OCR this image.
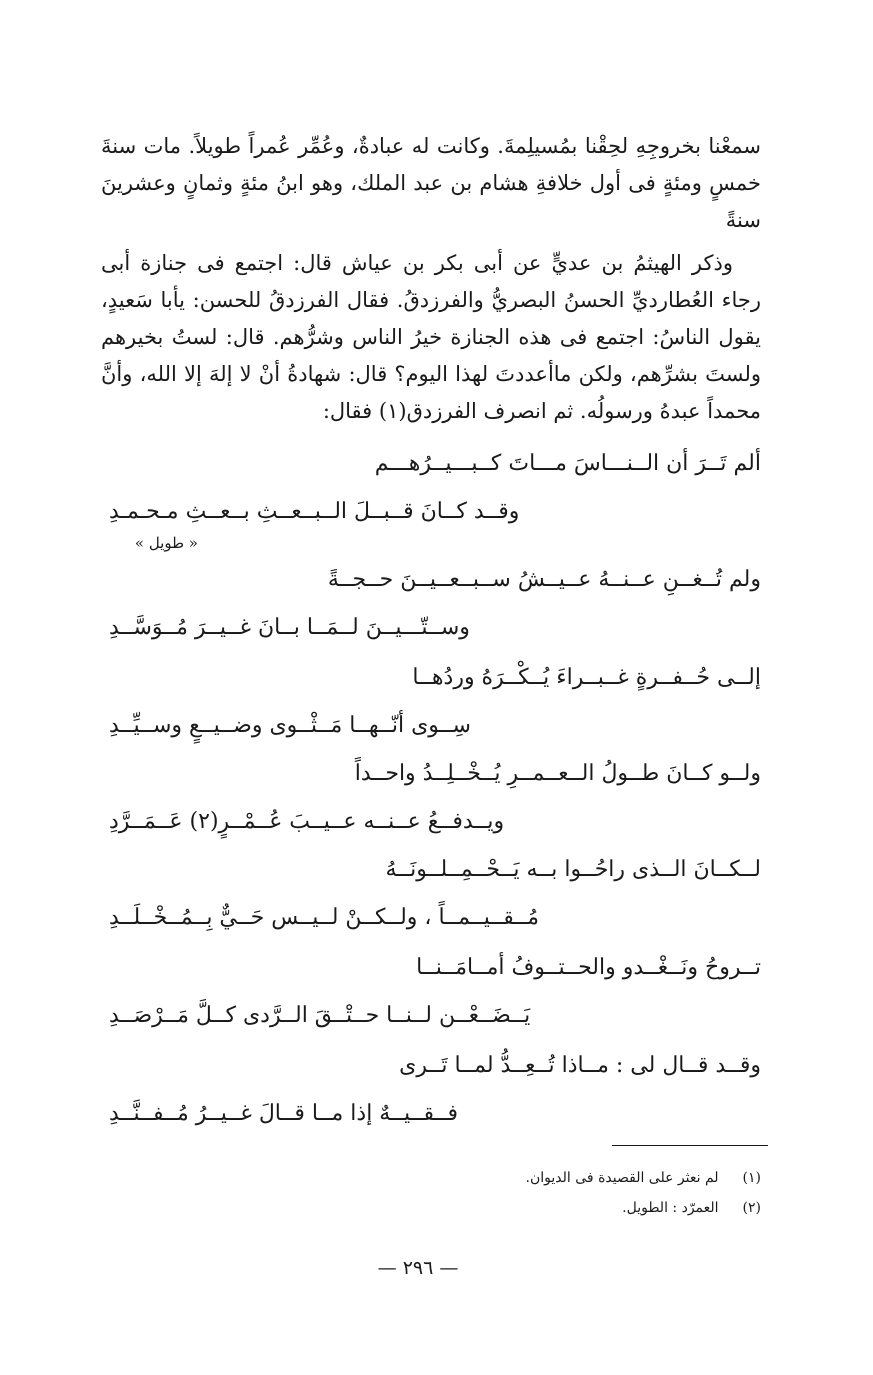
سمعْنا بخروجِهِ لحِقْنا بمُسيلِمةَ. وكانت له عبادةٌ، وعُمِّر عُمراً طويلاً. مات سنةَ خمسٍ ومئةٍ فى أول خلافةِ هشام بن عبد الملك، وهو ابنُ مئةٍ وثمانٍ وعشرينَ سنةً

وذكر الهيثمُ بن عديٍّ عن أبى بكر بن عياش قال: اجتمع فى جنازة أبى رجاء العُطارديِّ الحسنُ البصريُّ والفرزدقُ. فقال الفرزدقُ للحسن: يأبا سَعيدٍ، يقول الناسُ: اجتمع فى هذه الجنازة خيرُ الناس وشرُّهم. قال: لستُ بخيرهم ولستَ بشرِّهم، ولكن ماأعددتَ لهذا اليوم؟ قال: شهادةُ أنْ لا إلهَ إلا الله، وأنَّ محمداً عبدهُ ورسولُه. ثم انصرف الفرزدق(١) فقال:

ألم تَــرَ أن الــنـــاسَ مـــاتَ كــبـــيــرُهـــم
وقــد كــانَ قــبــلَ الــبــعــثِ بــعــثِ مـحـمـدِ
« طويل »
ولم تُــغــنِ عــنــهُ عــيــشُ ســبــعــيــنَ حــجــةً
وســتّـــيــنَ لــمَــا بــانَ غــيــرَ مُــوَسَّــدِ
إلــى حُــفــرةٍ غــبــراءَ يُــكْــرَهُ وردُهــا
سِــوى أنّــهــا مَــثْــوى وضــيــعٍ وســيِّــدِ
ولــو كــانَ طــولُ الــعــمــرِ يُــخْــلِــدُ واحــداً
ويــدفــعُ عــنــه عــيــبَ عُــمْــرٍ(٢) عَــمَــرَّدِ
لــكــانَ الــذى راحُــوا بــه يَــحْــمِــلــونَــهُ
مُــقــيــمــاً ، ولــكــنْ لــيــس حَــيٌّ بِــمُــخْــلَــدِ
تــروحُ ونَــغْــدو والحــتــوفُ أمــامَــنــا
يَــضَــعْــن لــنــا حــتْــقَ الــرَّدى كــلَّ مَــرْصَــدِ
وقــد قــال لى : مــاذا تُــعِــدُّ لمــا تَــرى
فــقــيــهٌ إذا مــا قــالَ غــيــرُ مُــفــنَّــدِ
(١) لم نعثر على القصيدة فى الديوان.
(٢) العمرّد : الطويل.
— ٢٩٦ —
